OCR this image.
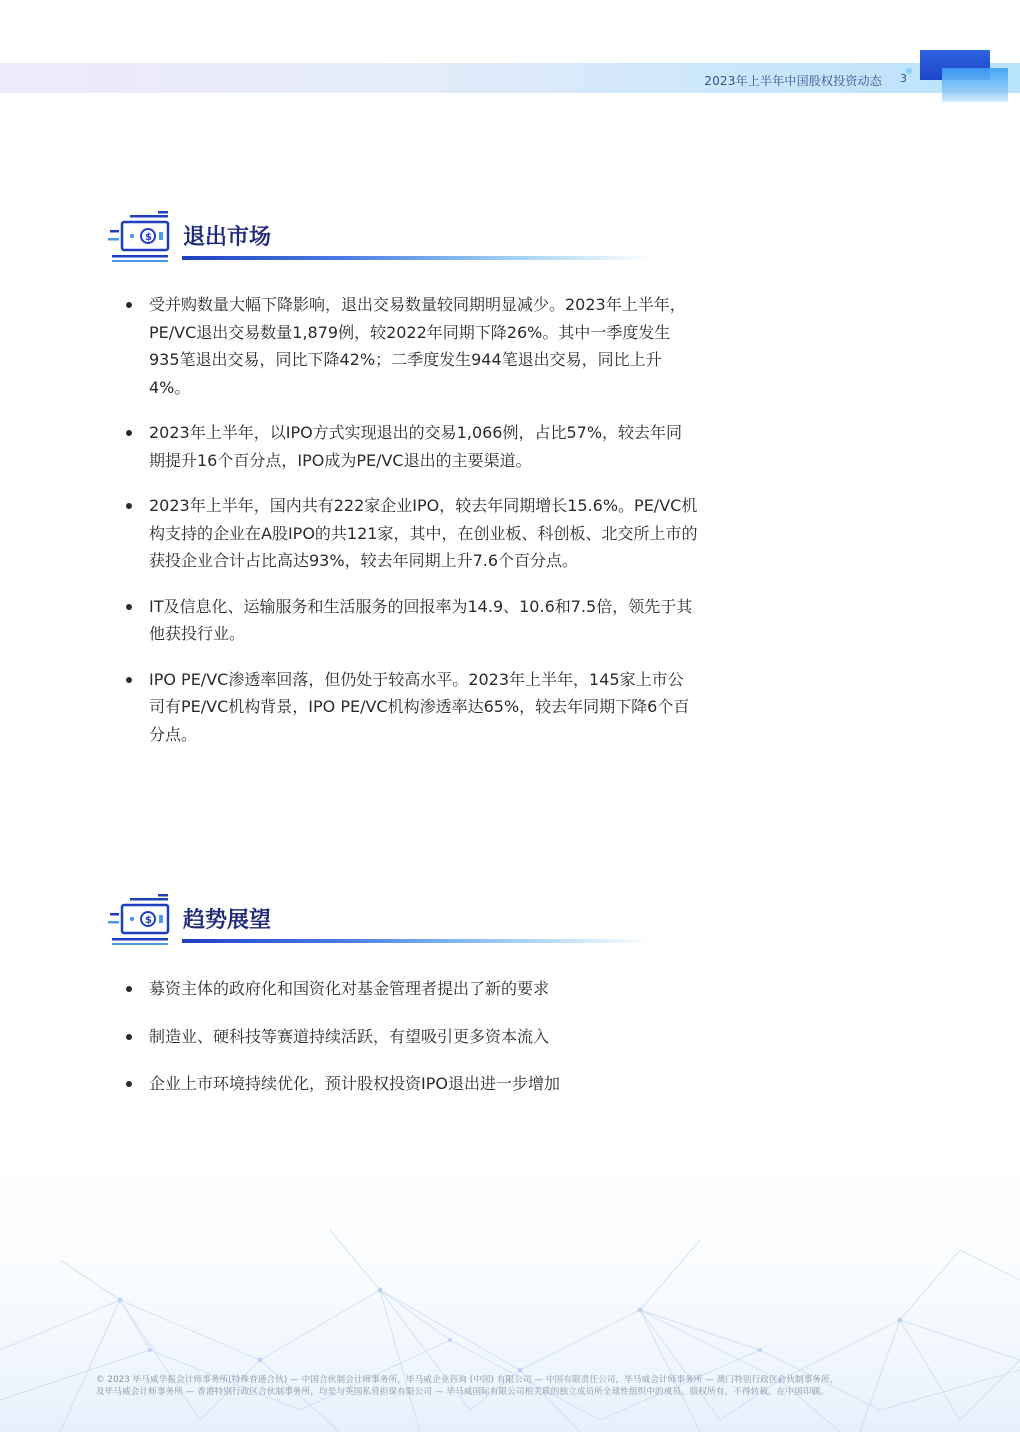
2023年上半年中国股权投资动态 3
$ 退出市场
受并购数量大幅下降影响，退出交易数量较同期明显减少。2023年上半年，PE/VC退出交易数量1,879例，较2022年同期下降26%。其中一季度发生935笔退出交易，同比下降42%；二季度发生944笔退出交易，同比上升4%。
2023年上半年，以IPO方式实现退出的交易1,066例，占比57%，较去年同期提升16个百分点，IPO成为PE/VC退出的主要渠道。
2023年上半年，国内共有222家企业IPO，较去年同期增长15.6%。PE/VC机构支持的企业在A股IPO的共121家，其中，在创业板、科创板、北交所上市的获投企业合计占比高达93%，较去年同期上升7.6个百分点。
IT及信息化、运输服务和生活服务的回报率为14.9、10.6和7.5倍，领先于其他获投行业。
IPO PE/VC渗透率回落，但仍处于较高水平。2023年上半年，145家上市公司有PE/VC机构背景，IPO PE/VC机构渗透率达65%，较去年同期下降6个百分点。
$ 趋势展望
募资主体的政府化和国资化对基金管理者提出了新的要求
制造业、硬科技等赛道持续活跃，有望吸引更多资本流入
企业上市环境持续优化，预计股权投资IPO退出进一步增加
© 2023 毕马威华振会计师事务所(特殊普通合伙) — 中国合伙制会计师事务所，毕马威企业咨询 (中国) 有限公司 — 中国有限责任公司，毕马威会计师事务所 — 澳门特别行政区合伙制事务所，
及毕马威会计师事务所 — 香港特别行政区合伙制事务所，均是与英国私营担保有限公司 — 毕马威国际有限公司相关联的独立成员所全球性组织中的成员。版权所有，不得转载。在中国印刷。
